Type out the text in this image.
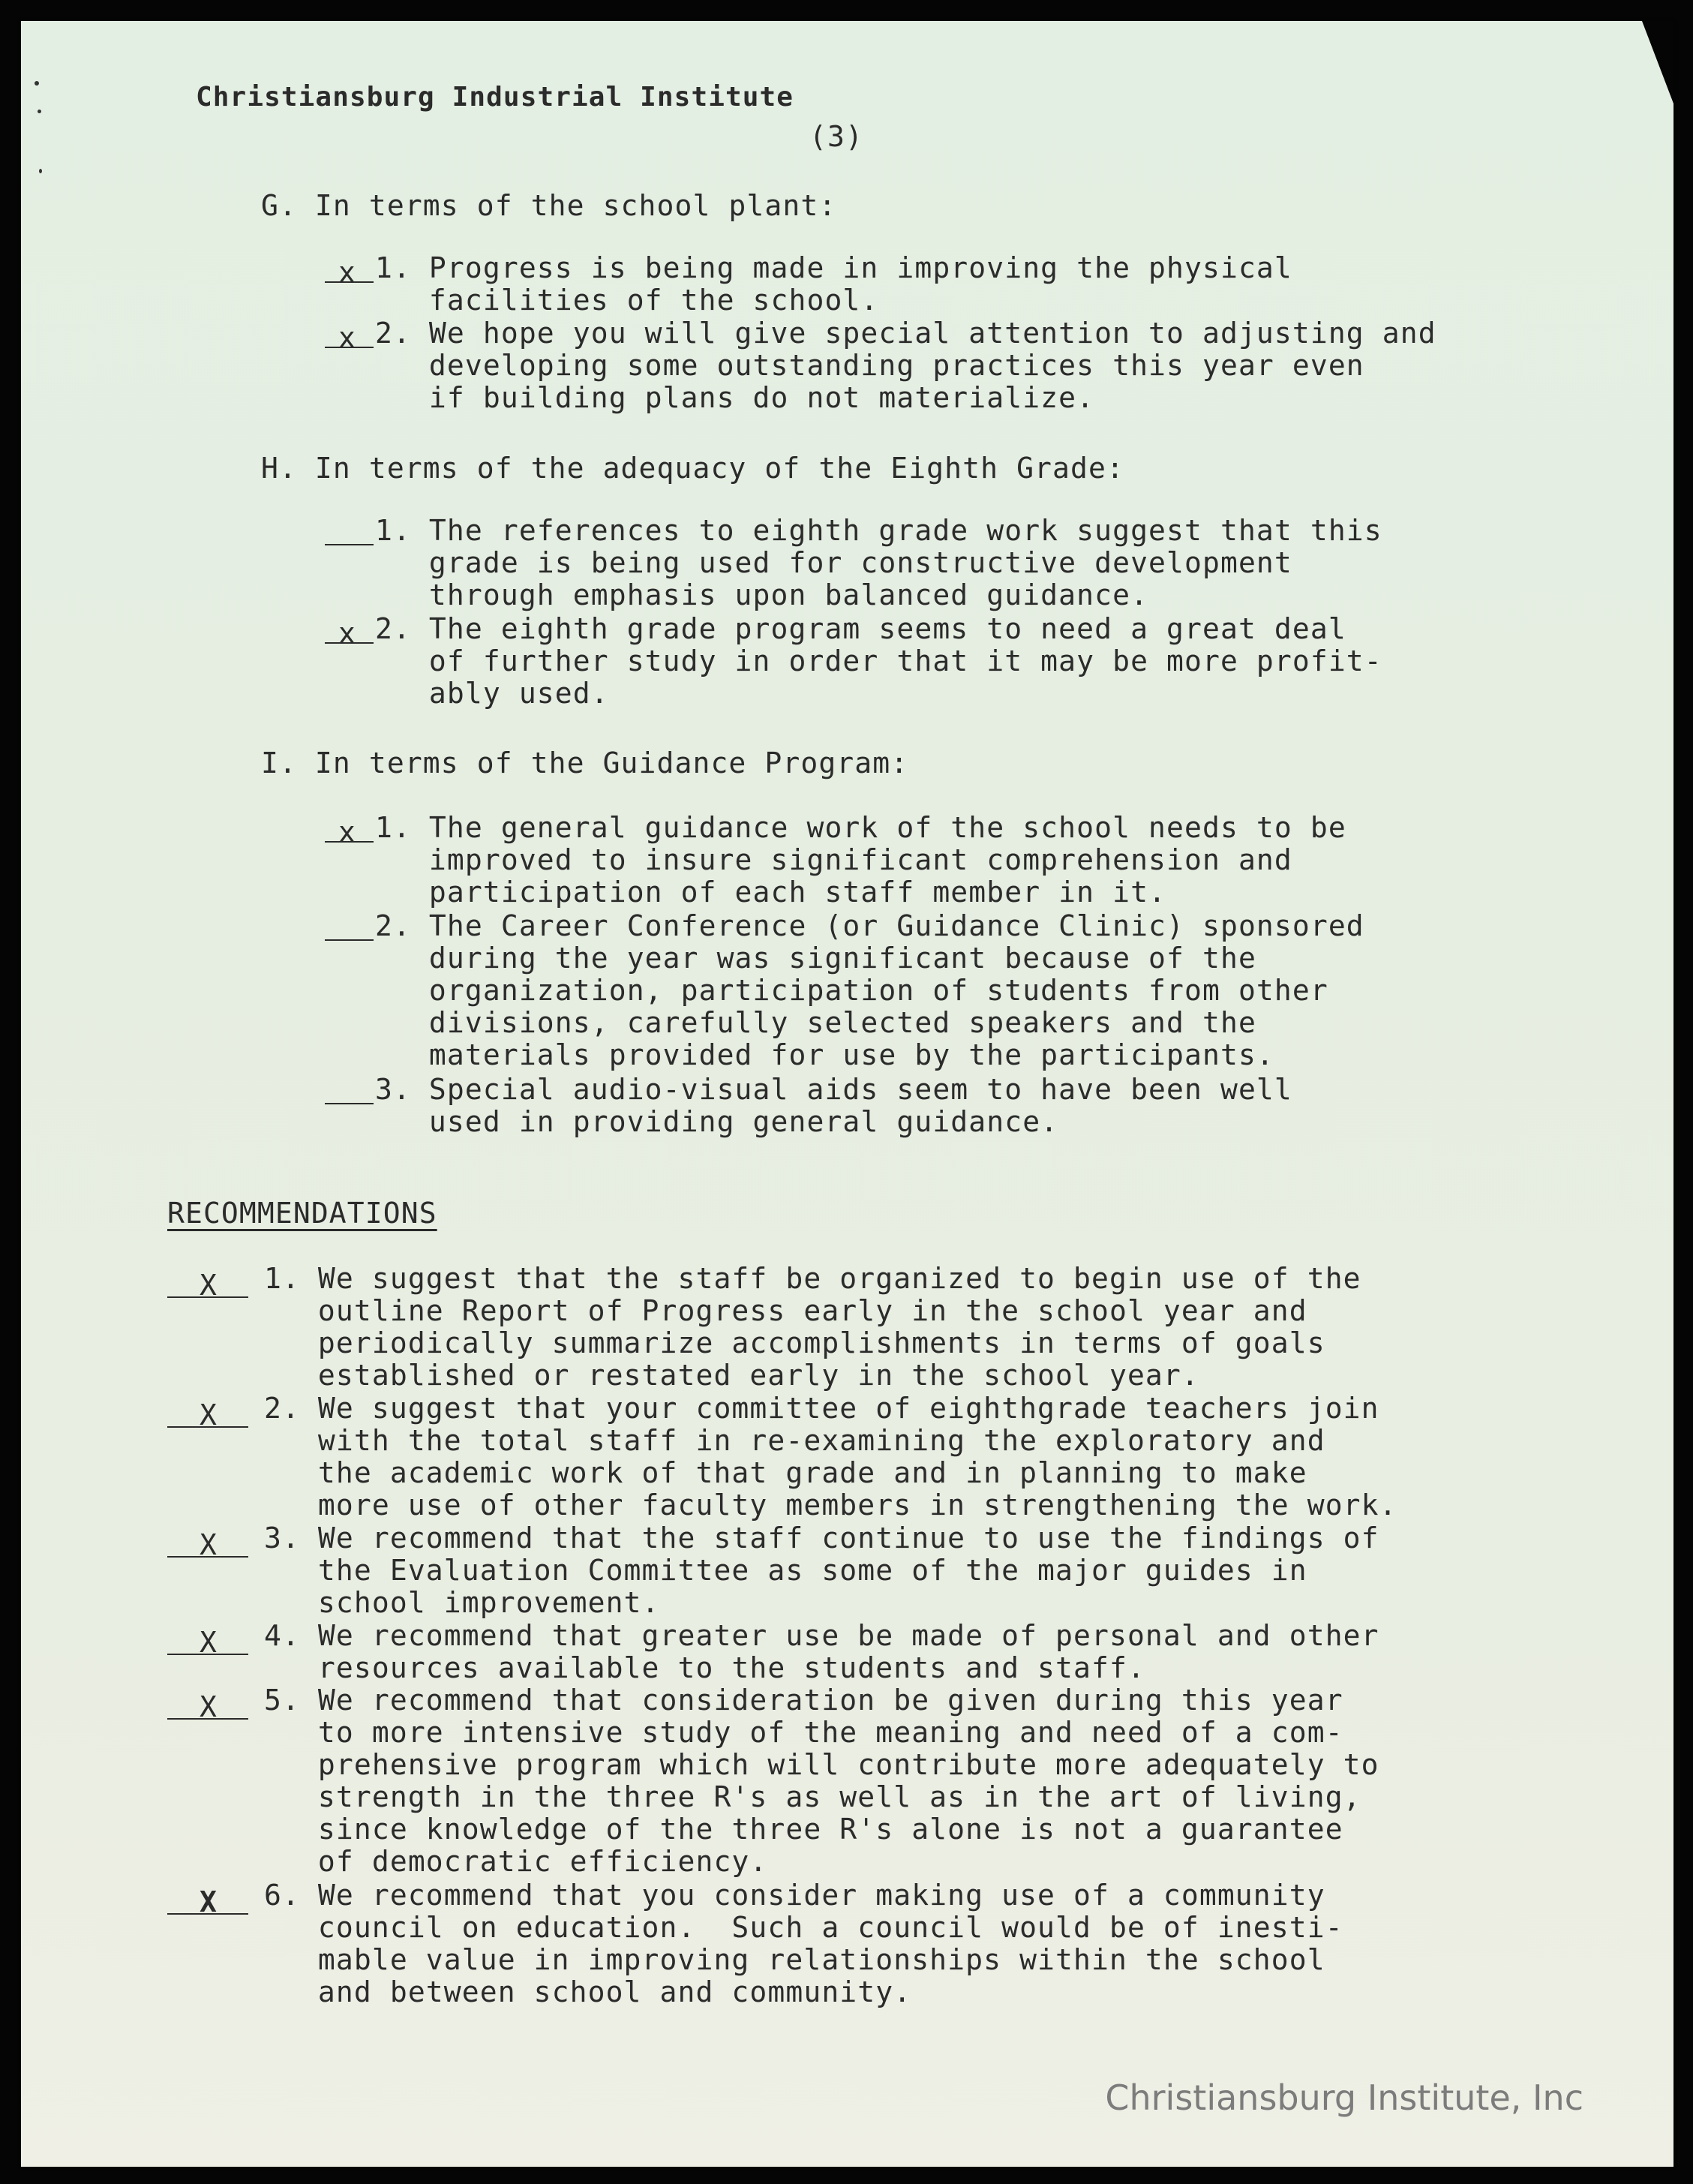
Christiansburg Industrial Institute
(3)
G. In terms of the school plant:
x 1. Progress is being made in improving the physical
facilities of the school.
x 2. We hope you will give special attention to adjusting and
developing some outstanding practices this year even
if building plans do not materialize.
H. In terms of the adequacy of the Eighth Grade:
1. The references to eighth grade work suggest that this
grade is being used for constructive development
through emphasis upon balanced guidance.
x 2. The eighth grade program seems to need a great deal
of further study in order that it may be more profit-
ably used.
I. In terms of the Guidance Program:
x 1. The general guidance work of the school needs to be
improved to insure significant comprehension and
participation of each staff member in it.
2. The Career Conference (or Guidance Clinic) sponsored
during the year was significant because of the
organization, participation of students from other
divisions, carefully selected speakers and the
materials provided for use by the participants.
3. Special audio-visual aids seem to have been well
used in providing general guidance.
RECOMMENDATIONS
X 1. We suggest that the staff be organized to begin use of the
outline Report of Progress early in the school year and
periodically summarize accomplishments in terms of goals
established or restated early in the school year.
X 2. We suggest that your committee of eighthgrade teachers join
with the total staff in re-examining the exploratory and
the academic work of that grade and in planning to make
more use of other faculty members in strengthening the work.
X 3. We recommend that the staff continue to use the findings of
the Evaluation Committee as some of the major guides in
school improvement.
X 4. We recommend that greater use be made of personal and other
resources available to the students and staff.
X 5. We recommend that consideration be given during this year
to more intensive study of the meaning and need of a com-
prehensive program which will contribute more adequately to
strength in the three R's as well as in the art of living,
since knowledge of the three R's alone is not a guarantee
of democratic efficiency.
X 6. We recommend that you consider making use of a community
council on education.  Such a council would be of inesti-
mable value in improving relationships within the school
and between school and community.
Christiansburg Institute, Inc
